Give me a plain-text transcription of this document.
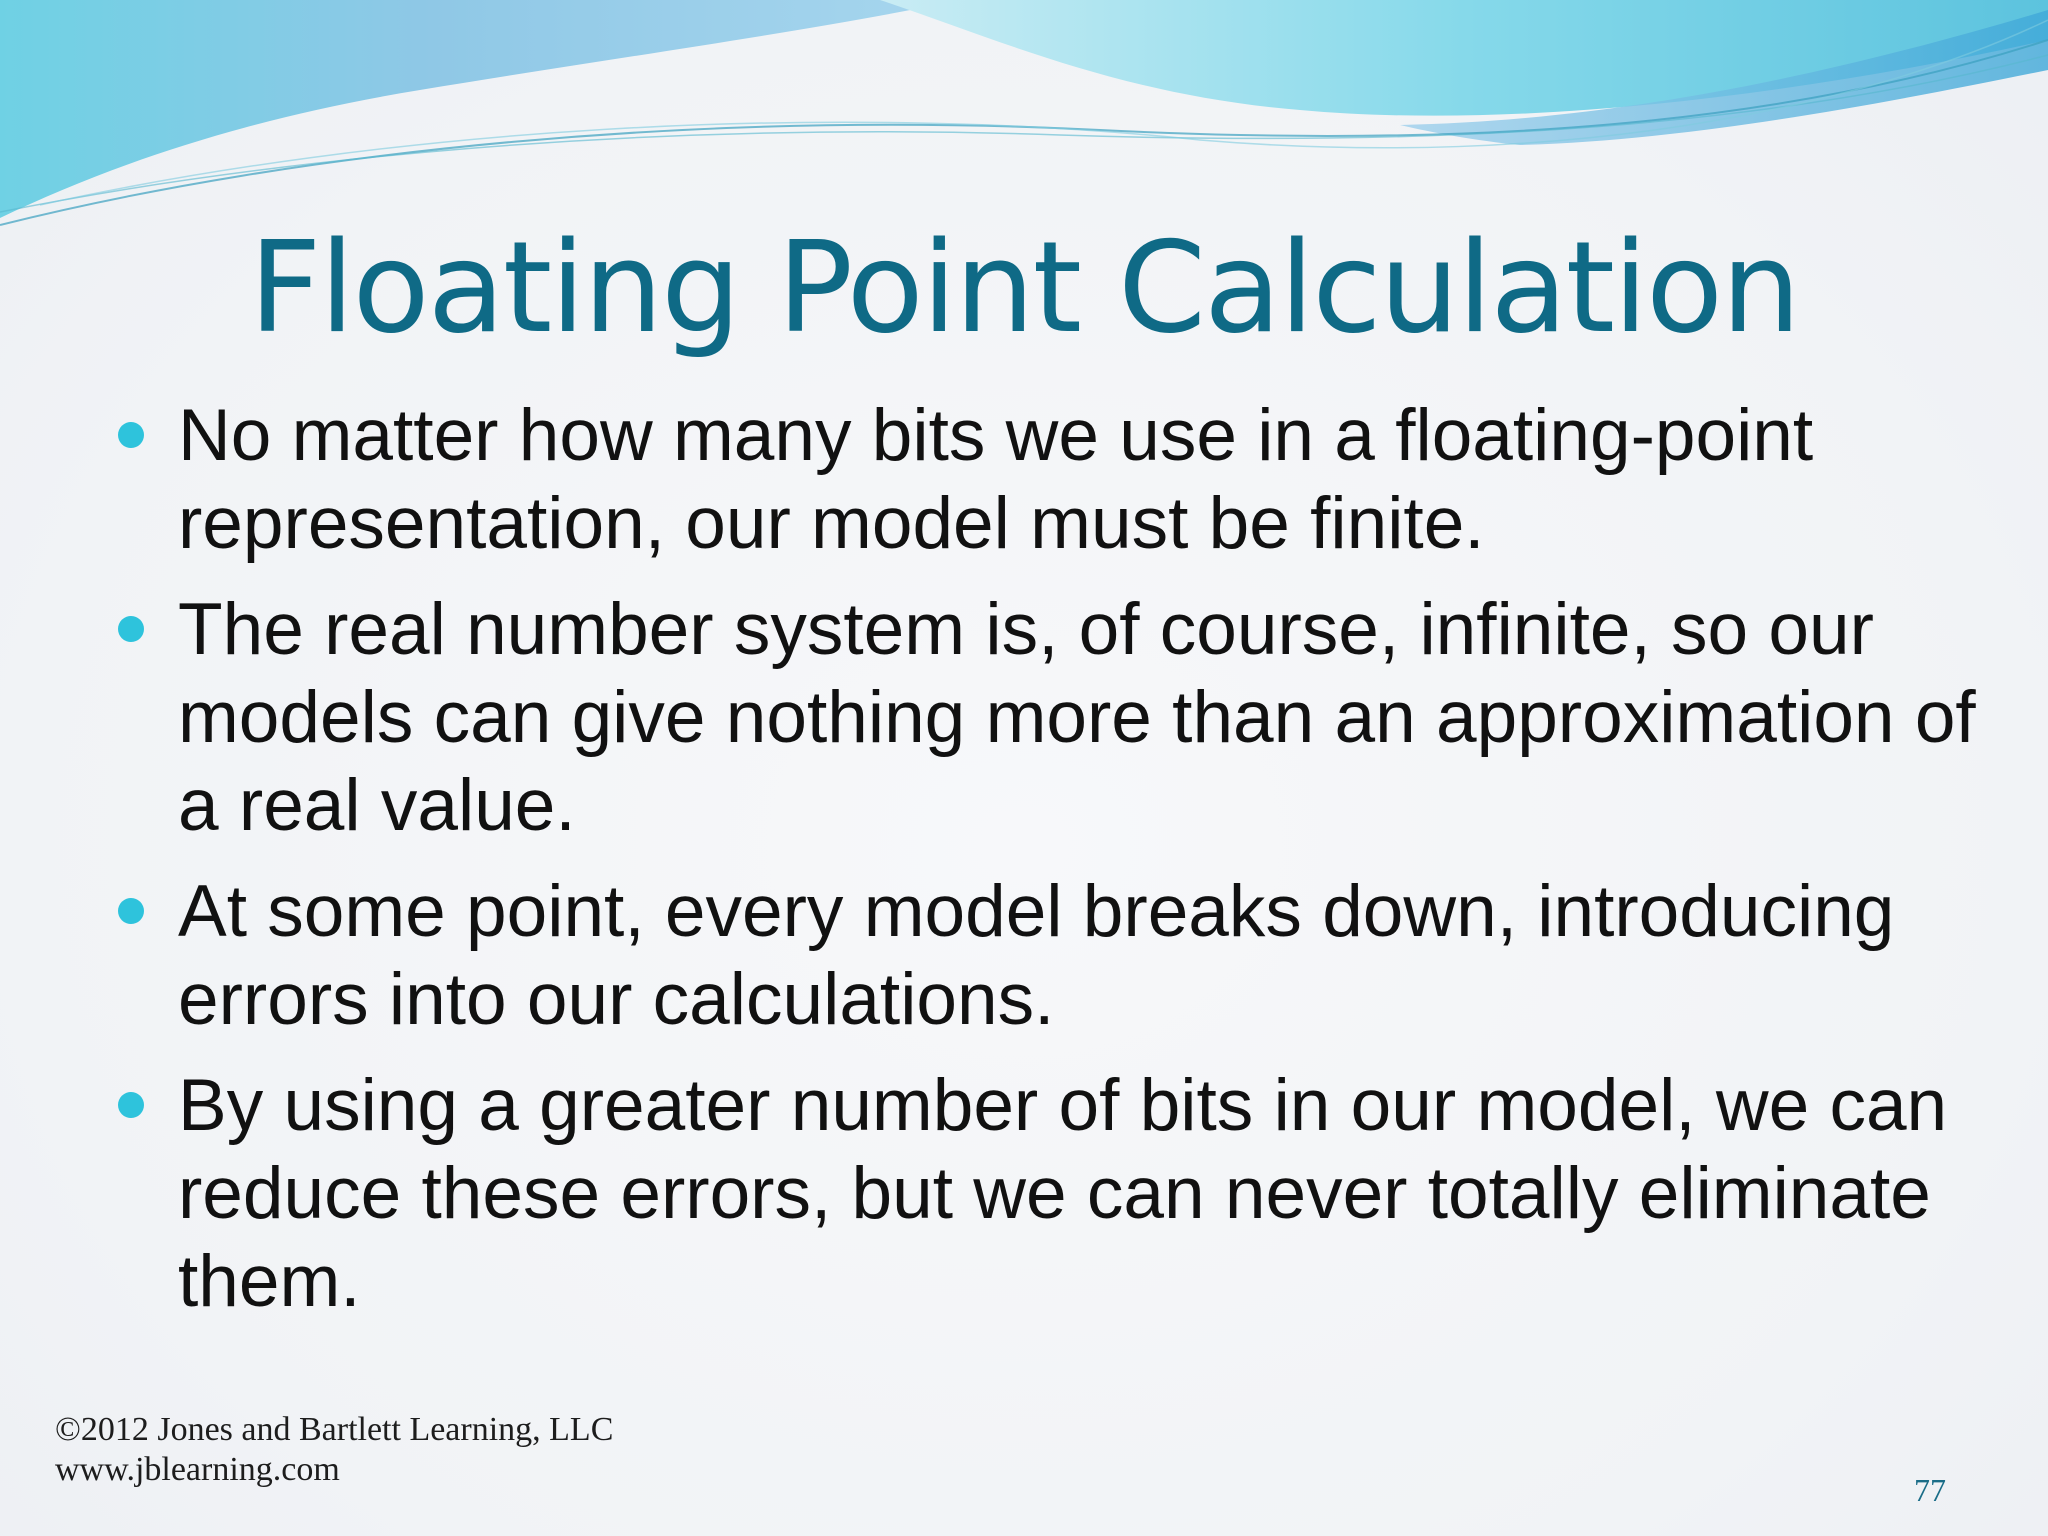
Floating Point Calculation
No matter how many bits we use in a floating-point representation, our model must be finite.
The real number system is, of course, infinite, so our models can give nothing more than an approximation of a real value.
At some point, every model breaks down, introducing errors into our calculations.
By using a greater number of bits in our model, we can reduce these errors, but we can never totally eliminate them.
©2012 Jones and Bartlett Learning, LLC
www.jblearning.com
77
